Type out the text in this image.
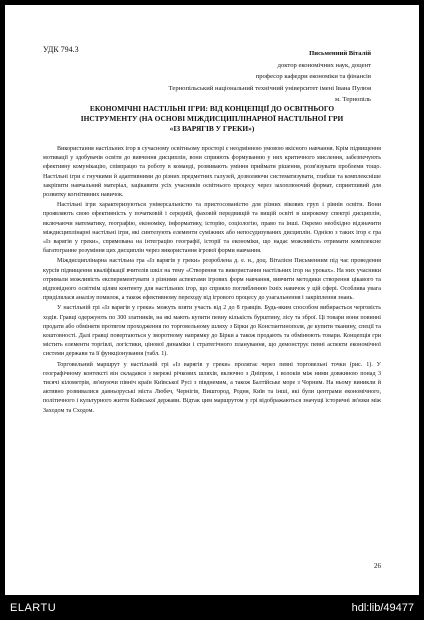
УДК 794.3	Письменний Віталій
доктор економічних наук, доцент
професор кафедри економіки та фінансів
Тернопільський національний технічний університет імені Івана Пулюя
м. Тернопіль
ЕКОНОМІЧНІ НАСТІЛЬНІ ІГРИ: ВІД КОНЦЕПЦІЇ ДО ОСВІТНЬОГО
ІНСТРУМЕНТУ (НА ОСНОВІ МІЖДИСЦИПЛІНАРНОЇ НАСТІЛЬНОЇ ГРИ
«ІЗ ВАРЯГІВ У ГРЕКИ»)

Використання настільних ігор в сучасному освітньому просторі є неодмінною умовою якісного навчання. Крім підвищення мотивації у здобувачів освіти до вивчення дисциплін, вони сприяють формуванню у них критичного мислення, забезпечують ефективну комунікацію, співпрацю та роботу в команді, розвивають уміння приймати рішення, розв'язувати проблеми тощо. Настільні ігри є гнучкими й адаптивними до різних предметних галузей, дозволяючи систематизувати, глибше та комплексніше закріпити навчальний матеріал, зацікавити усіх учасників освітнього процесу через захоплюючий формат, сприятливий для розвитку когнітивних навичок.

Настільні ігри характеризуються універсальністю та пристосованістю для різних вікових груп і рівнів освіти. Вони проявляють свою ефективність у початковій і середній, фаховій передвищій та вищій освіті в широкому спектрі дисциплін, включаючи математику, географію, економіку, інформатику, історію, соціологію, право та інші. Окремо необхідно відзначити міждисциплінарні настільні ігри, які синтезують елементи суміжних або непосудизуваних дисциплін. Однією з таких ігор є гра «Із варягів у греки», спрямована на інтеграцію географії, історії та економіки, що надає можливість отримати комплексне багатогранне розуміння цих дисциплін через використання ігрової форми навчання.

Міждисциплінарна настільна гра «Із варягів у греки» розроблена д. е. н., доц. Віталієм Письменним під час проведення курсів підвищення кваліфікації вчителів шкіл на тему «Створення та використання настільних ігор на уроках». На них учасники отримали можливість експериментувати з різними аспектами ігрових форм навчання, вивчити методики створення цікавого та відповідного освітнім цілям контенту для настільних ігор, що сприяло поглибленню їхніх навичок у цій сфері. Особлива увага приділялася аналізу помилок, а також ефективному переходу від ігрового процесу до узагальнення і закріплення знань.

У настільній грі «Із варягів у греки» можуть взяти участь від 2 до 8 гравців. Будь-яким способом вибирається черговість ходів. Гравці одержують по 300 златників, на які мають купити певну кількість бурштину, лісу та зброї. Ці товари вони повинні продати або обміняти протягом проходження по торговельному шляху з Бірки до Константинополя, де купити тканину, спеції та коштовності. Далі гравці повертаються у зворотному напрямку до Бірки а також продають та обмінюють товари. Концепція гри містить елементи торгівлі, логістики, цінової динаміки і стратегічного планування, що демонструє певні аспекти економічної системи держави та її функціонування (табл. 1).

Торговельний маршрут у настільній грі «Із варягів у греки» пролягає через певні торговельні точки (рис. 1). У географічному контексті він складався з мережі річкових шляхів, включно з Дніпром, і волоків між ними довжиною понад 3 тисячі кілометрів, зв'язуючи північ країн Київської Русі з півднемим, а також Балтійське море з Чорним. На ньому виникли й активно розвивалися давньоруські міста Любеч, Чернігів, Вишгород, Родня, Київ та інші, які були центрами економічного, політичного і культурного життя Київської держави. Відтак цим маршрутом у грі відображаються значущі історичні зв'язки між Заходом та Сходом.

26
ELARTU	hdl:lib/49477
